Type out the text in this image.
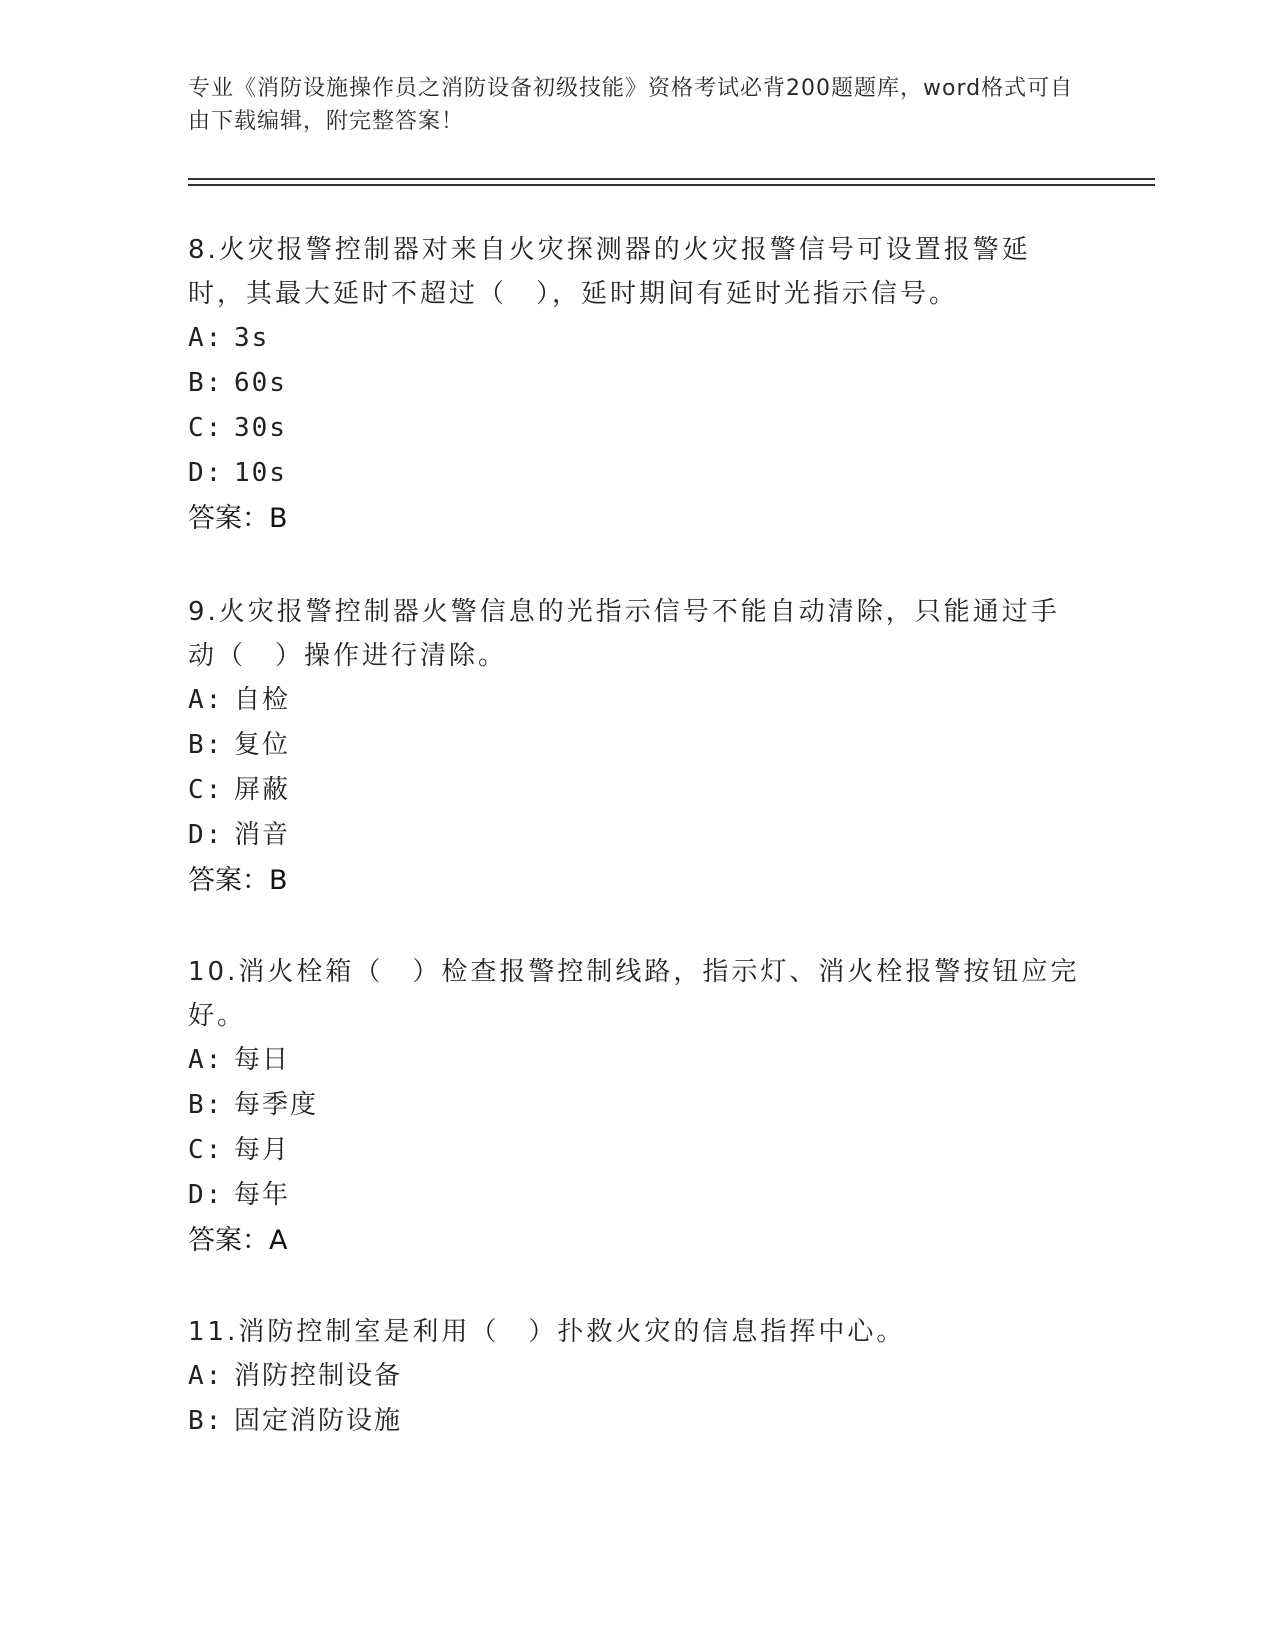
专业《消防设施操作员之消防设备初级技能》资格考试必背200题题库，word格式可自由下载编辑，附完整答案！
8.火灾报警控制器对来自火灾探测器的火灾报警信号可设置报警延时，其最大延时不超过（　），延时期间有延时光指示信号。
A: 3s
B: 60s
C: 30s
D: 10s
答案：B
9.火灾报警控制器火警信息的光指示信号不能自动清除，只能通过手动（　）操作进行清除。
A: 自检
B: 复位
C: 屏蔽
D: 消音
答案：B
10.消火栓箱（　）检查报警控制线路，指示灯、消火栓报警按钮应完好。
A: 每日
B: 每季度
C: 每月
D: 每年
答案：A
11.消防控制室是利用（　）扑救火灾的信息指挥中心。
A: 消防控制设备
B: 固定消防设施
